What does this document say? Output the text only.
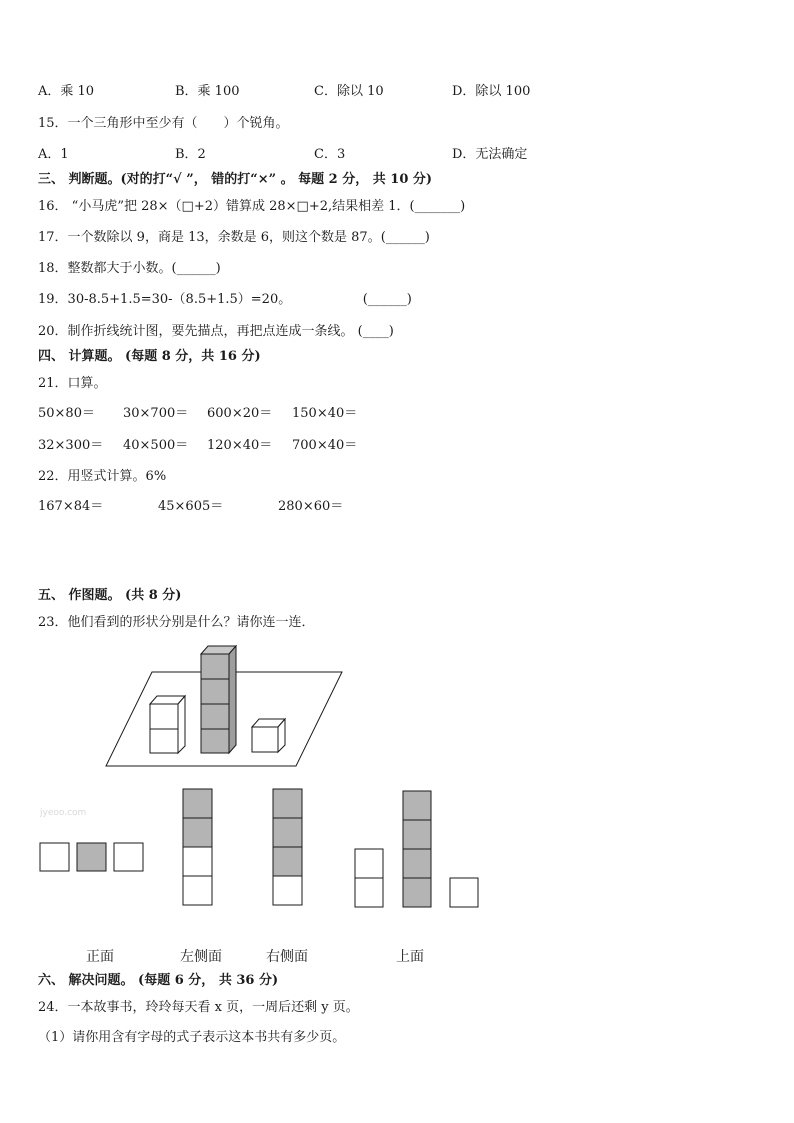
A．乘 10	B．乘 100	C．除以 10	D．除以 100
15．一个三角形中至少有（　　）个锐角。
A．1	B．2	C．3	D．无法确定
三、 判断题。(对的打“√ ”， 错的打“×” 。 每题 2 分， 共 10 分)
16． “小马虎”把 28×（□+2）错算成 28×□+2,结果相差 1．(_______)
17．一个数除以 9，商是 13，余数是 6，则这个数是 87。(______)
18．整数都大于小数。(______)
19．30-8.5+1.5=30-（8.5+1.5）=20。　　　　　　(______)
20．制作折线统计图，要先描点，再把点连成一条线。 (____)
四、 计算题。 (每题 8 分，共 16 分)
21．口算。
50×80＝ 30×700＝ 600×20＝ 150×40＝
32×300＝ 40×500＝ 120×40＝ 700×40＝
22．用竖式计算。6%
167×84＝	45×605＝	280×60＝
五、 作图题。 (共 8 分)
23．他们看到的形状分别是什么？请你连一连．
jyeoo.com
正面	左侧面	右侧面	上面
六、 解决问题。 (每题 6 分， 共 36 分)
24．一本故事书，玲玲每天看 x 页，一周后还剩 y 页。
（1）请你用含有字母的式子表示这本书共有多少页。
